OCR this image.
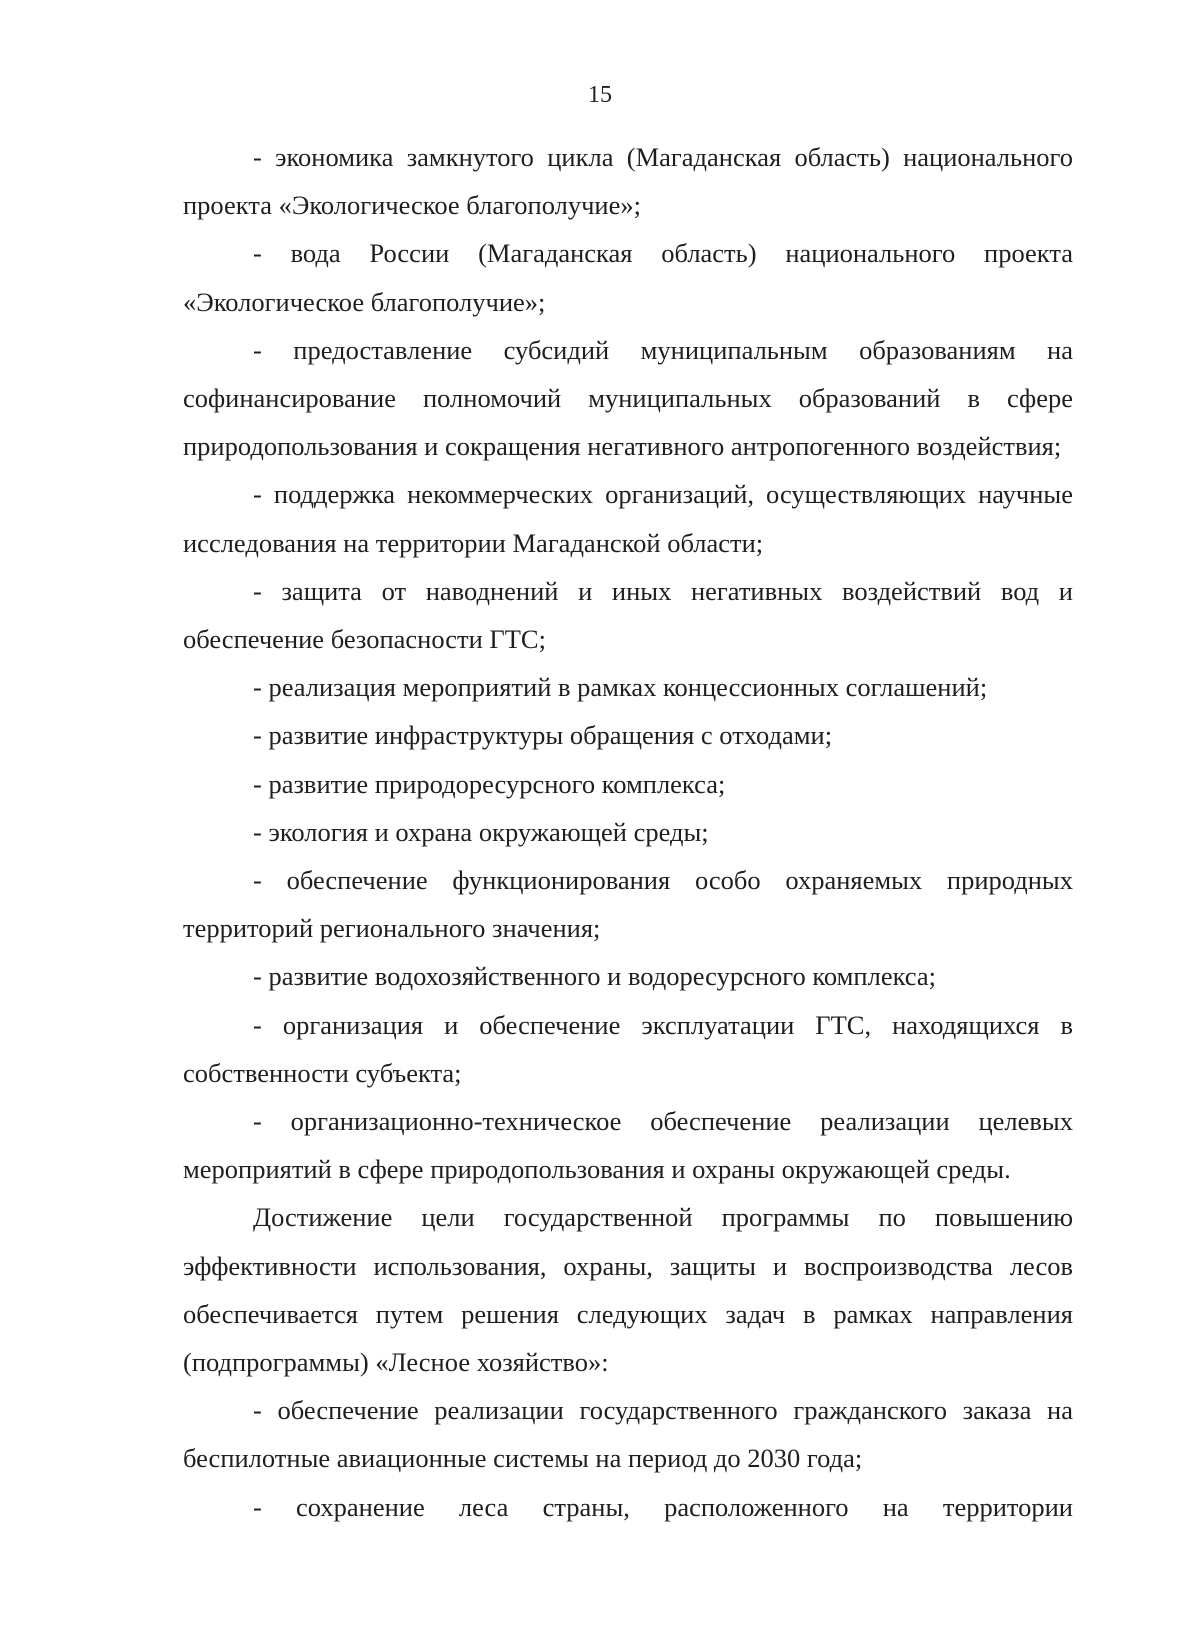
15

- экономика замкнутого цикла (Магаданская область) национального проекта «Экологическое благополучие»;

- вода России (Магаданская область) национального проекта «Экологическое благополучие»;

- предоставление субсидий муниципальным образованиям на софинансирование полномочий муниципальных образований в сфере природопользования и сокращения негативного антропогенного воздействия;

- поддержка некоммерческих организаций, осуществляющих научные исследования на территории Магаданской области;

- защита от наводнений и иных негативных воздействий вод и обеспечение безопасности ГТС;

- реализация мероприятий в рамках концессионных соглашений;

- развитие инфраструктуры обращения с отходами;

- развитие природоресурсного комплекса;

- экология и охрана окружающей среды;

- обеспечение функционирования особо охраняемых природных территорий регионального значения;

- развитие водохозяйственного и водоресурсного комплекса;

- организация и обеспечение эксплуатации ГТС, находящихся в собственности субъекта;

- организационно-техническое обеспечение реализации целевых мероприятий в сфере природопользования и охраны окружающей среды.

Достижение цели государственной программы по повышению эффективности использования, охраны, защиты и воспроизводства лесов обеспечивается путем решения следующих задач в рамках направления (подпрограммы) «Лесное хозяйство»:

- обеспечение реализации государственного гражданского заказа на беспилотные авиационные системы на период до 2030 года;

- сохранение леса страны, расположенного на территории
